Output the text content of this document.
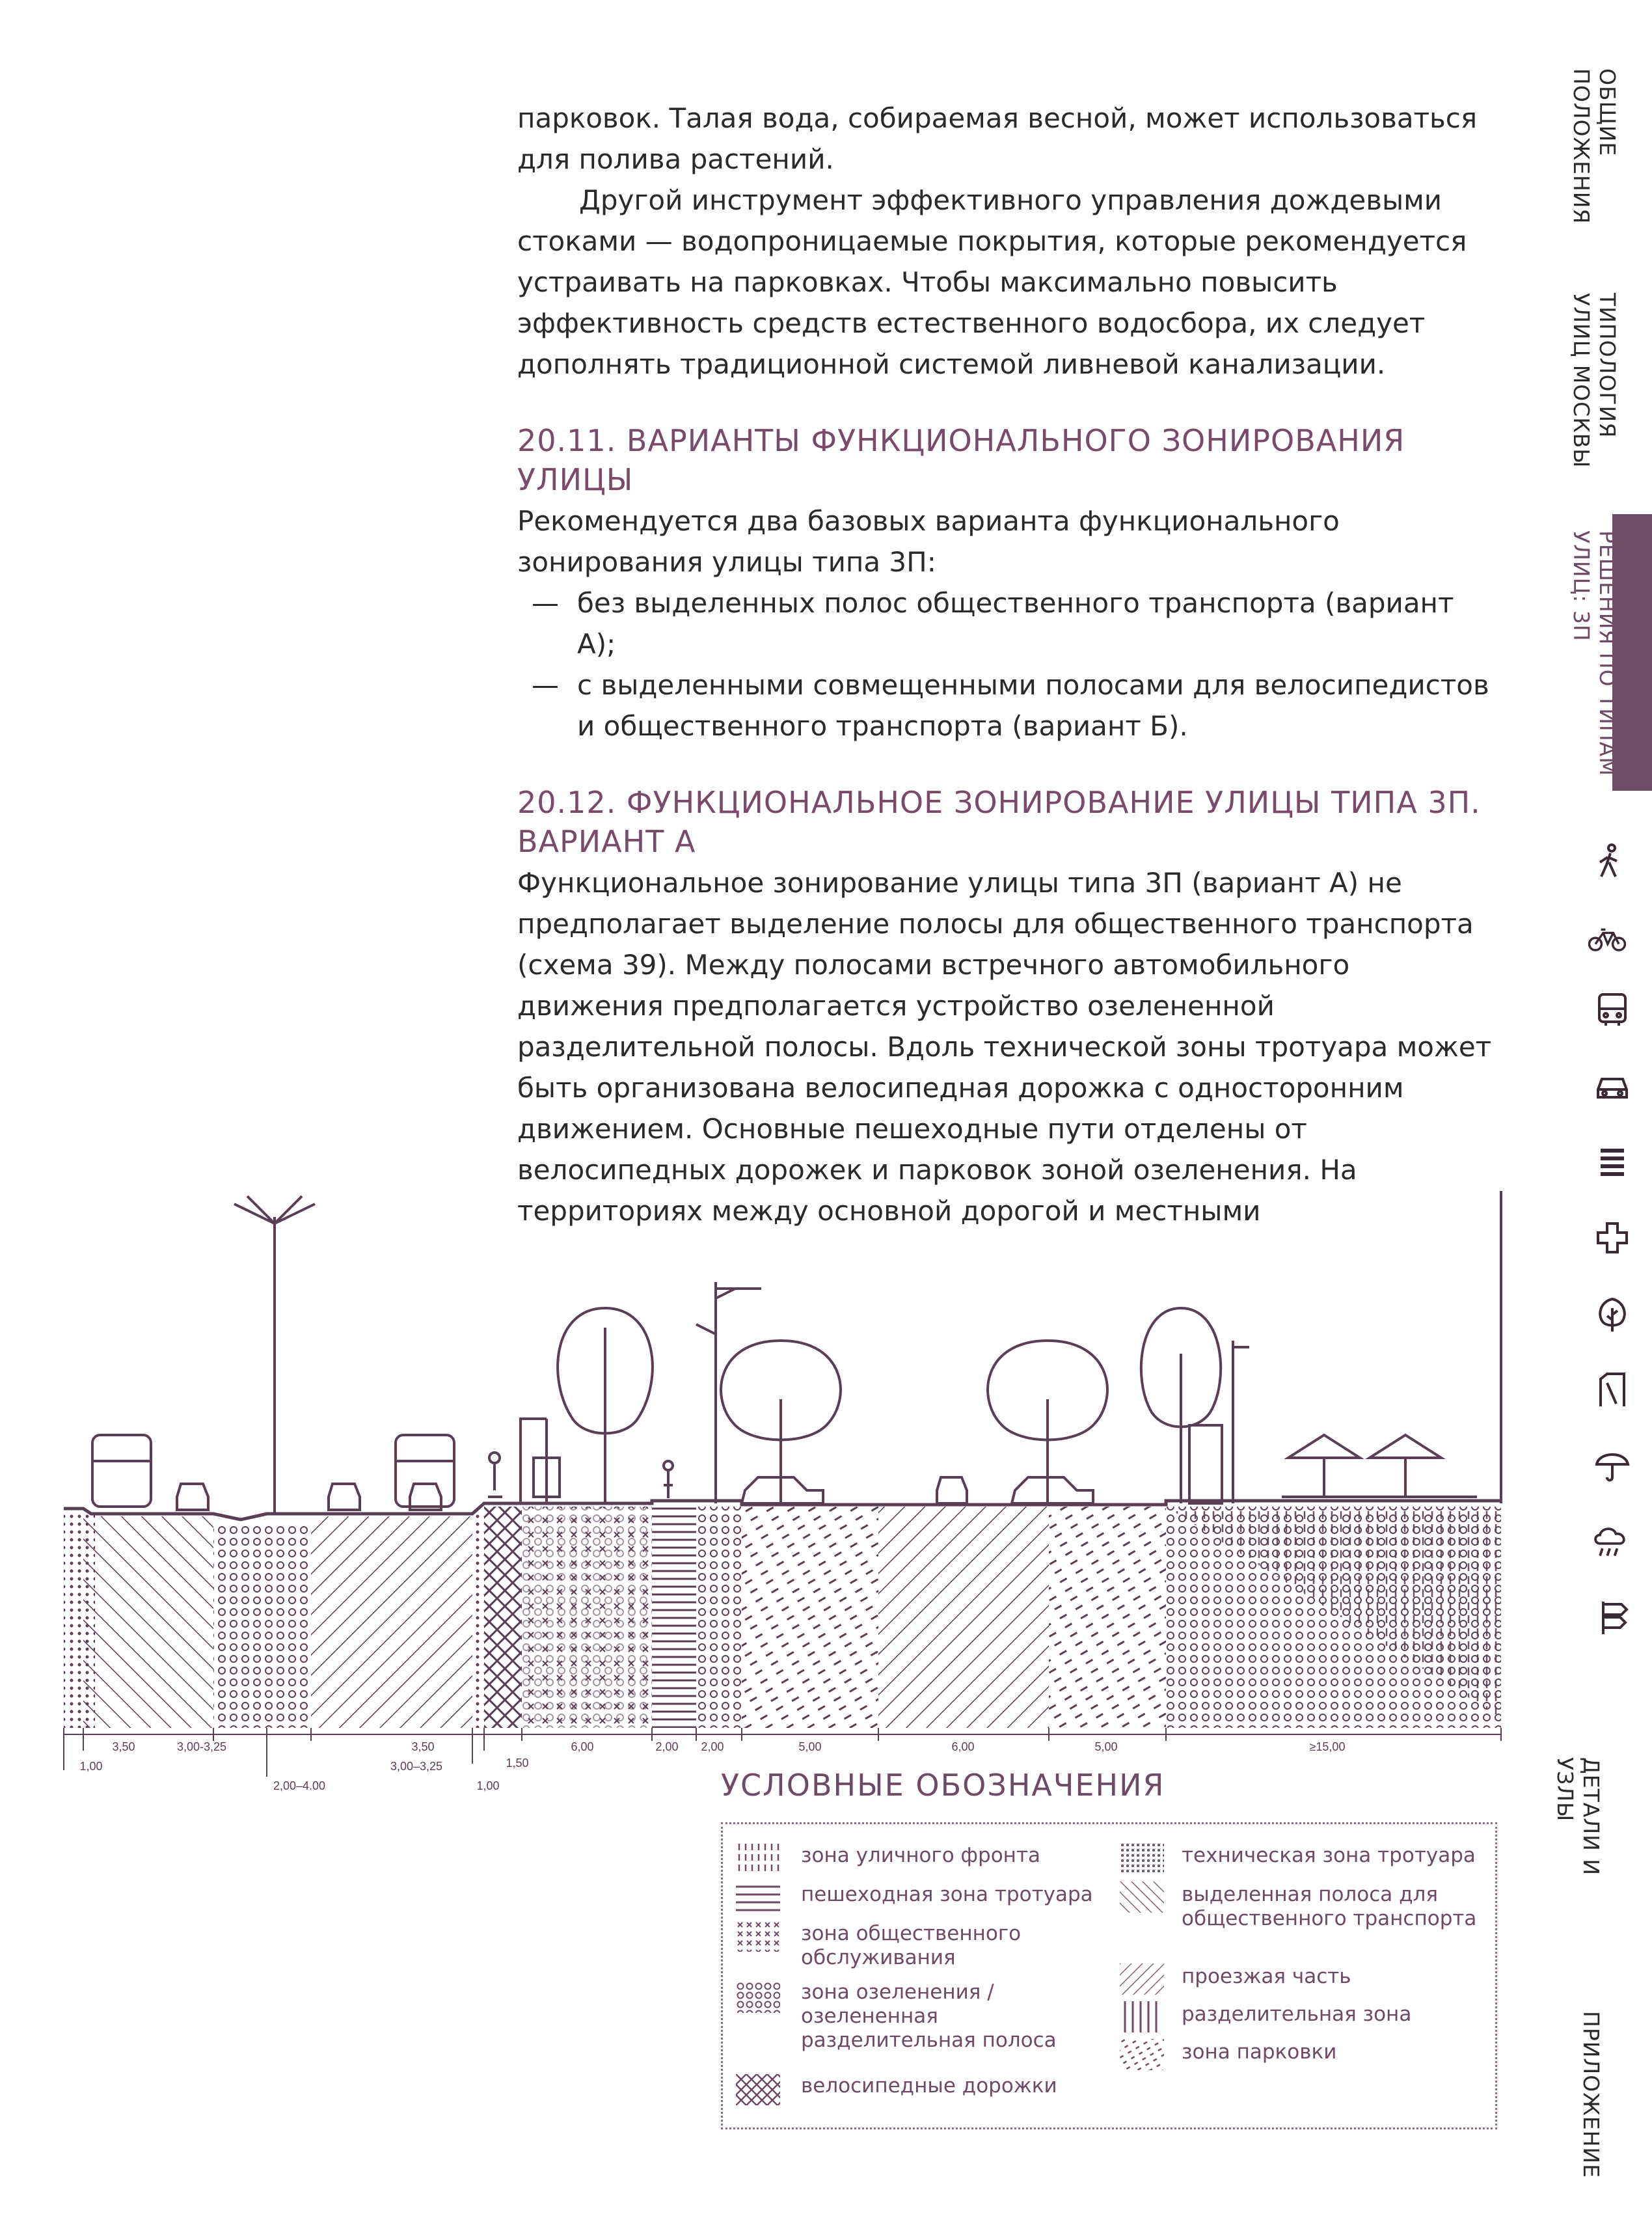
парковок. Талая вода, собираемая весной, может использоваться для полива растений.

Другой инструмент эффективного управления дождевыми стоками — водопроницаемые покрытия, которые рекомендуется устраивать на парковках. Чтобы максимально повысить эффективность средств естественного водосбора, их следует дополнять традиционной системой ливневой канализации.

20.11. ВАРИАНТЫ ФУНКЦИОНАЛЬНОГО ЗОНИРОВАНИЯ УЛИЦЫ

Рекомендуется два базовых варианта функционального зонирования улицы типа 3П:

— без выделенных полос общественного транспорта (вариант А);
— с выделенными совмещенными полосами для велосипедистов и общественного транспорта (вариант Б).
20.12. ФУНКЦИОНАЛЬНОЕ ЗОНИРОВАНИЕ УЛИЦЫ ТИПА 3П. ВАРИАНТ А

Функциональное зонирование улицы типа 3П (вариант А) не предполагает выделение полосы для общественного транспорта (схема 39). Между полосами встречного автомобильного движения предполагается устройство озелененной разделительной полосы. Вдоль технической зоны тротуара может быть организована велосипедная дорожка с односторонним движением. Основные пешеходные пути отделены от велосипедных дорожек и парковок зоной озеленения. На территориях между основной дорогой и местными

ОБЩИЕ ПОЛОЖЕНИЯ
ТИПОЛОГИЯ УЛИЦ МОСКВЫ
РЕШЕНИЯ ПО ТИПАМ УЛИЦ: 3П
ДЕТАЛИ И УЗЛЫ
ПРИЛОЖЕНИЕ
3,50	3,00-3,25	3,50	6,00	2,00 2,00	5,00	6,00	5,00	≥15,00
1,00
2,00–4.00
3,00–3,25	1,50
1,00	УСЛОВНЫЕ ОБОЗНАЧЕНИЯ
зона уличного фронта
пешеходная зона тротуара
зона общественного обслуживания
зона озеленения / озелененная разделительная полоса
велосипедные дорожки
техническая зона тротуара
выделенная полоса для общественного транспорта
проезжая часть
разделительная зона
зона парковки
